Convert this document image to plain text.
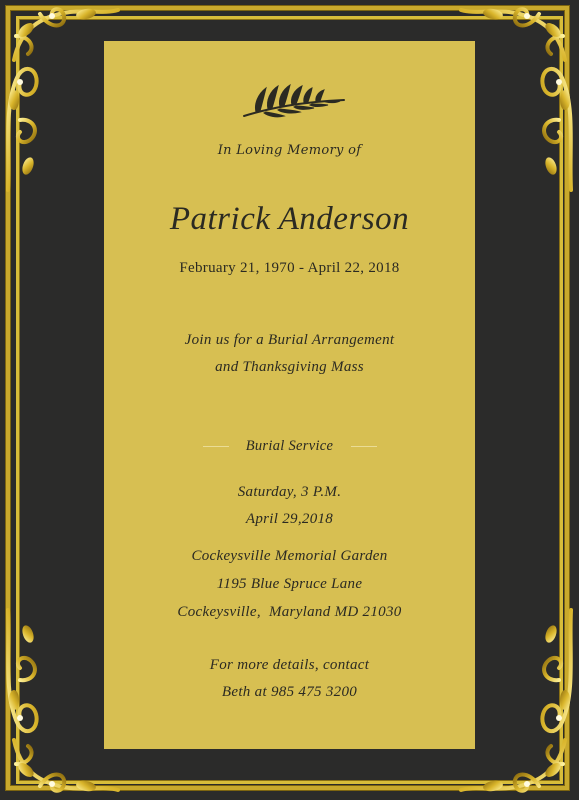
In Loving Memory of
Patrick Anderson
February 21, 1970 - April 22, 2018
Join us for a Burial Arrangement
and Thanksgiving Mass
Burial Service
Saturday, 3 P.M.
April 29,2018
Cockeysville Memorial Garden
1195 Blue Spruce Lane
Cockeysville,  Maryland MD 21030
For more details, contact
Beth at 985 475 3200
